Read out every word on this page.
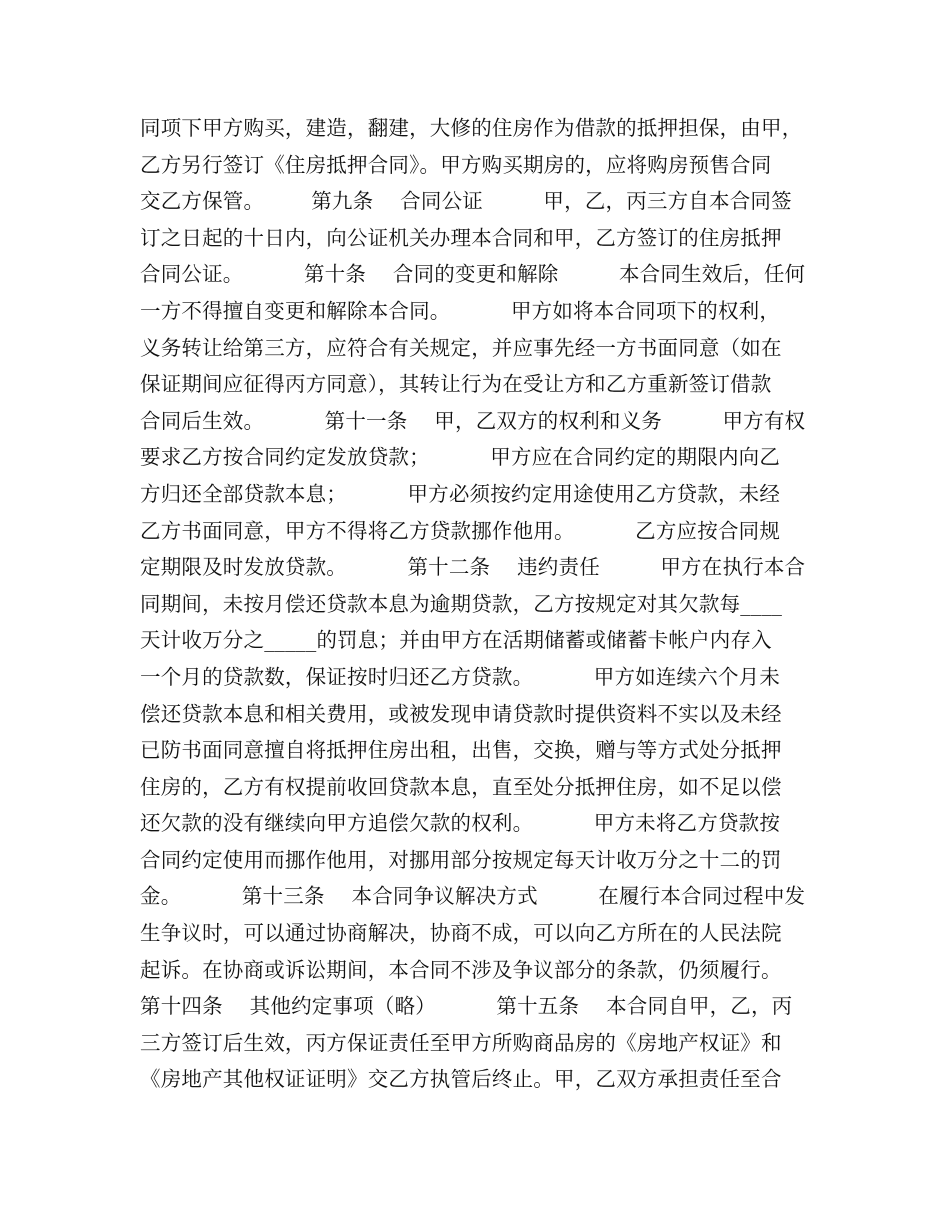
同项下甲方购买，建造，翻建，大修的住房作为借款的抵押担保，由甲，
乙方另行签订《住房抵押合同》。甲方购买期房的，应将购房预售合同
交乙方保管。       第九条    合同公证         甲，乙，丙三方自本合同签
订之日起的十日内，向公证机关办理本合同和甲，乙方签订的住房抵押
合同公证。         第十条    合同的变更和解除         本合同生效后，任何
一方不得擅自变更和解除本合同。         甲方如将本合同项下的权利，
义务转让给第三方，应符合有关规定，并应事先经一方书面同意（如在
保证期间应征得丙方同意），其转让行为在受让方和乙方重新签订借款
合同后生效。         第十一条    甲，乙双方的权利和义务         甲方有权
要求乙方按合同约定发放贷款；         甲方应在合同约定的期限内向乙
方归还全部贷款本息；         甲方必须按约定用途使用乙方贷款，未经
乙方书面同意，甲方不得将乙方贷款挪作他用。         乙方应按合同规
定期限及时发放贷款。         第十二条    违约责任         甲方在执行本合
同期间，未按月偿还贷款本息为逾期贷款，乙方按规定对其欠款每____
天计收万分之_____的罚息；并由甲方在活期储蓄或储蓄卡帐户内存入
一个月的贷款数，保证按时归还乙方贷款。         甲方如连续六个月未
偿还贷款本息和相关费用，或被发现申请贷款时提供资料不实以及未经
已防书面同意擅自将抵押住房出租，出售，交换，赠与等方式处分抵押
住房的，乙方有权提前收回贷款本息，直至处分抵押住房，如不足以偿
还欠款的没有继续向甲方追偿欠款的权利。         甲方未将乙方贷款按
合同约定使用而挪作他用，对挪用部分按规定每天计收万分之十二的罚
金。         第十三条    本合同争议解决方式         在履行本合同过程中发
生争议时，可以通过协商解决，协商不成，可以向乙方所在的人民法院
起诉。在协商或诉讼期间，本合同不涉及争议部分的条款，仍须履行。
第十四条    其他约定事项（略）         第十五条    本合同自甲，乙，丙
三方签订后生效，丙方保证责任至甲方所购商品房的《房地产权证》和
《房地产其他权证证明》交乙方执管后终止。甲，乙双方承担责任至合
